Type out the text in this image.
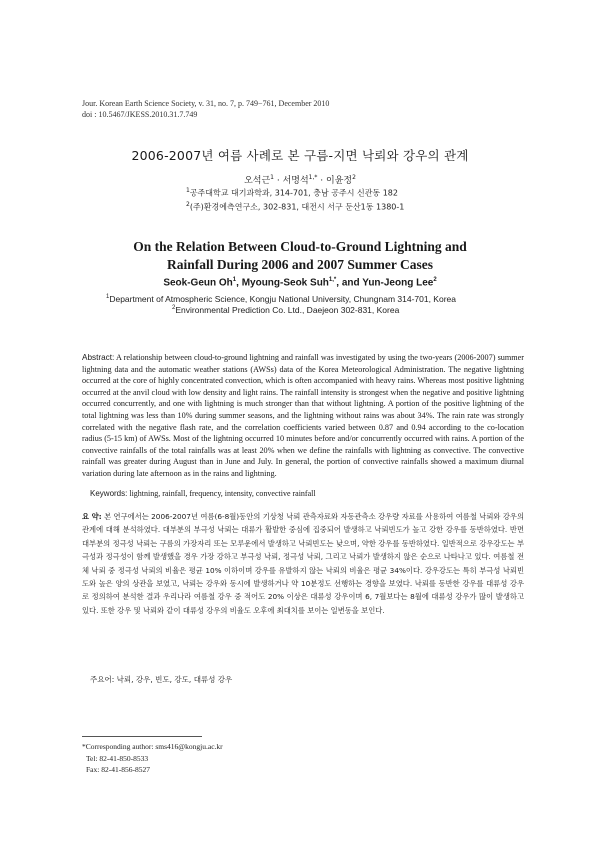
Jour. Korean Earth Science Society, v. 31, no. 7, p. 749−761, December 2010
doi : 10.5467/JKESS.2010.31.7.749
2006-2007년 여름 사례로 본 구름-지면 낙뢰와 강우의 관계
오석근$^1$ · 서명석$^{1,*}$ · 이윤정$^2$
$^1$공주대학교 대기과학과, 314-701, 충남 공주시 신관동 182
$^2$(주)환경예측연구소, 302-831, 대전시 서구 둔산1동 1380-1
On the Relation Between Cloud-to-Ground Lightning and
Rainfall During 2006 and 2007 Summer Cases
Seok-Geun Oh$^1$, Myoung-Seok Suh$^{1,*}$, and Yun-Jeong Lee$^2$
$^1$Department of Atmospheric Science, Kongju National University, Chungnam 314-701, Korea
$^2$Environmental Prediction Co. Ltd., Daejeon 302-831, Korea
Abstract: A relationship between cloud-to-ground lightning and rainfall was investigated by using the two-years (2006-2007) summer lightning data and the automatic weather stations (AWSs) data of the Korea Meteorological Administration. The negative lightning occurred at the core of highly concentrated convection, which is often accompanied with heavy rains. Whereas most positive lightning occurred at the anvil cloud with low density and light rains. The rainfall intensity is strongest when the negative and positive lightning occurred concurrently, and one with lightning is much stronger than that without lightning. A portion of the positive lightning of the total lightning was less than 10% during summer seasons, and the lightning without rains was about 34%. The rain rate was strongly correlated with the negative flash rate, and the correlation coefficients varied between 0.87 and 0.94 according to the co-location radius (5-15 km) of AWSs. Most of the lightning occurred 10 minutes before and/or concurrently occurred with rains. A portion of the convective rainfalls of the total rainfalls was at least 20% when we define the rainfalls with lightning as convective. The convective rainfall was greater during August than in June and July. In general, the portion of convective rainfalls showed a maximum diurnal variation during late afternoon as in the rains and lightning.
Keywords: lightning, rainfall, frequency, intensity, convective rainfall
요 약: 본 연구에서는 2006-2007년 여름(6-8월)동안의 기상청 낙뢰 관측자료와 자동관측소 강우량 자료를 사용하여 여름철 낙뢰와 강우의 관계에 대해 분석하였다. 대부분의 부극성 낙뢰는 대류가 활발한 중심에 집중되어 발생하고 낙뢰빈도가 높고 강한 강우를 동반하였다. 반면 대부분의 정극성 낙뢰는 구름의 가장자리 또는 모루운에서 발생하고 낙뢰빈도는 낮으며, 약한 강우를 동반하였다. 일반적으로 강우강도는 부극성과 정극성이 함께 발생했을 경우 가장 강하고 부극성 낙뢰, 정극성 낙뢰, 그리고 낙뢰가 발생하지 않은 순으로 나타나고 있다. 여름철 전체 낙뢰 중 정극성 낙뢰의 비율은 평균 10% 이하이며 강우를 유발하지 않는 낙뢰의 비율은 평균 34%이다. 강우강도는 특히 부극성 낙뢰빈도와 높은 양의 상관을 보였고, 낙뢰는 강우와 동시에 발생하거나 약 10분정도 선행하는 경향을 보였다. 낙뢰를 동반한 강우를 대류성 강우로 정의하여 분석한 결과 우리나라 여름철 강우 중 적어도 20% 이상은 대류성 강우이며 6, 7월보다는 8월에 대류성 강우가 많이 발생하고 있다. 또한 강우 및 낙뢰와 같이 대류성 강우의 비율도 오후에 최대치를 보이는 일변동을 보인다.
주요어: 낙뢰, 강우, 빈도, 강도, 대류성 강우
*Corresponding author: sms416@kongju.ac.kr
Tel: 82-41-850-8533
Fax: 82-41-856-8527
